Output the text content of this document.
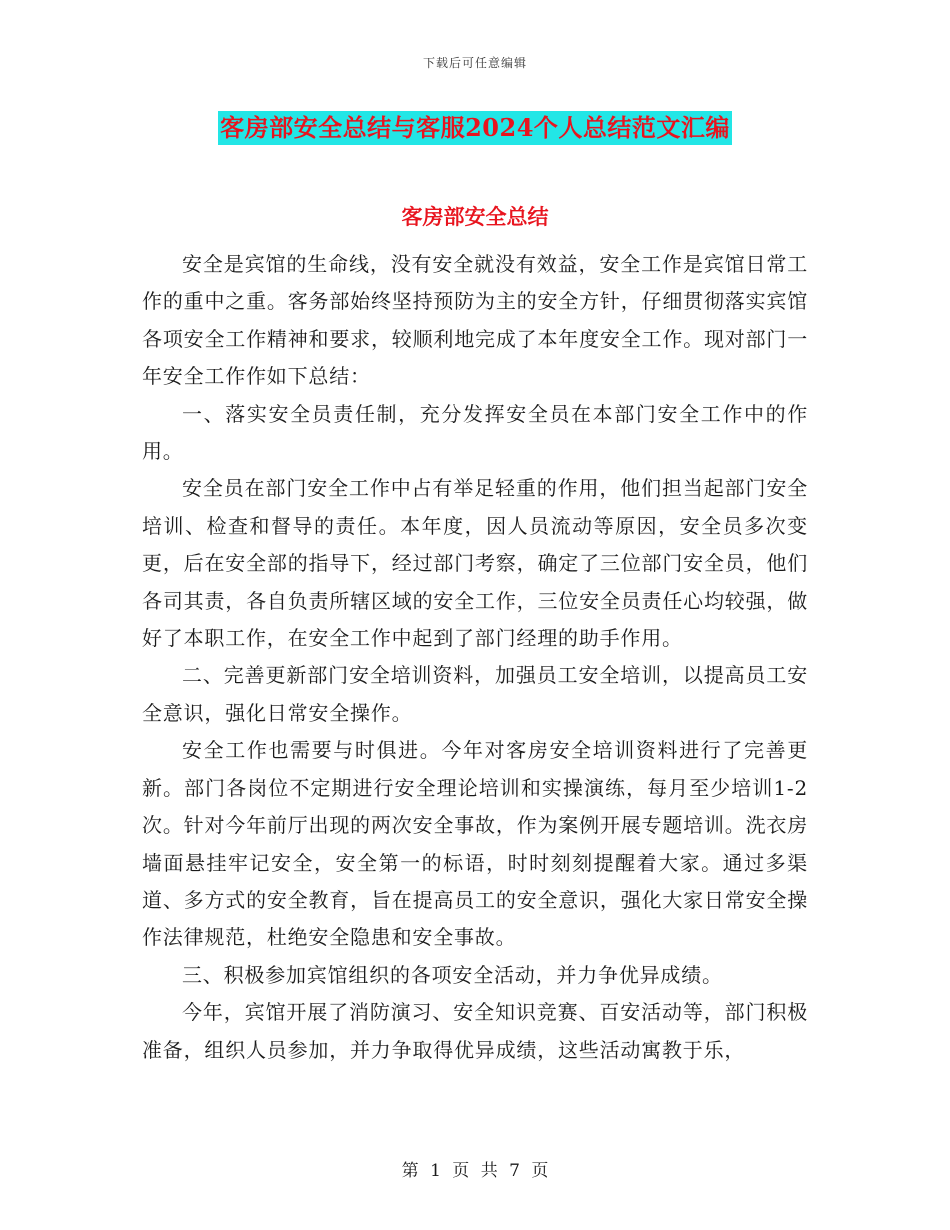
下载后可任意编辑
客房部安全总结与客服2024个人总结范文汇编
客房部安全总结

安全是宾馆的生命线，没有安全就没有效益，安全工作是宾馆日常工作的重中之重。客务部始终坚持预防为主的安全方针，仔细贯彻落实宾馆各项安全工作精神和要求，较顺利地完成了本年度安全工作。现对部门一年安全工作作如下总结：

一、落实安全员责任制，充分发挥安全员在本部门安全工作中的作用。

安全员在部门安全工作中占有举足轻重的作用，他们担当起部门安全培训、检查和督导的责任。本年度，因人员流动等原因，安全员多次变更，后在安全部的指导下，经过部门考察，确定了三位部门安全员，他们各司其责，各自负责所辖区域的安全工作，三位安全员责任心均较强，做好了本职工作，在安全工作中起到了部门经理的助手作用。

二、完善更新部门安全培训资料，加强员工安全培训，以提高员工安全意识，强化日常安全操作。

安全工作也需要与时俱进。今年对客房安全培训资料进行了完善更新。部门各岗位不定期进行安全理论培训和实操演练，每月至少培训1-2次。针对今年前厅出现的两次安全事故，作为案例开展专题培训。洗衣房墙面悬挂牢记安全，安全第一的标语，时时刻刻提醒着大家。通过多渠道、多方式的安全教育，旨在提高员工的安全意识，强化大家日常安全操作法律规范，杜绝安全隐患和安全事故。

三、积极参加宾馆组织的各项安全活动，并力争优异成绩。

今年，宾馆开展了消防演习、安全知识竞赛、百安活动等，部门积极准备，组织人员参加，并力争取得优异成绩，这些活动寓教于乐，

第 1 页 共 7 页
